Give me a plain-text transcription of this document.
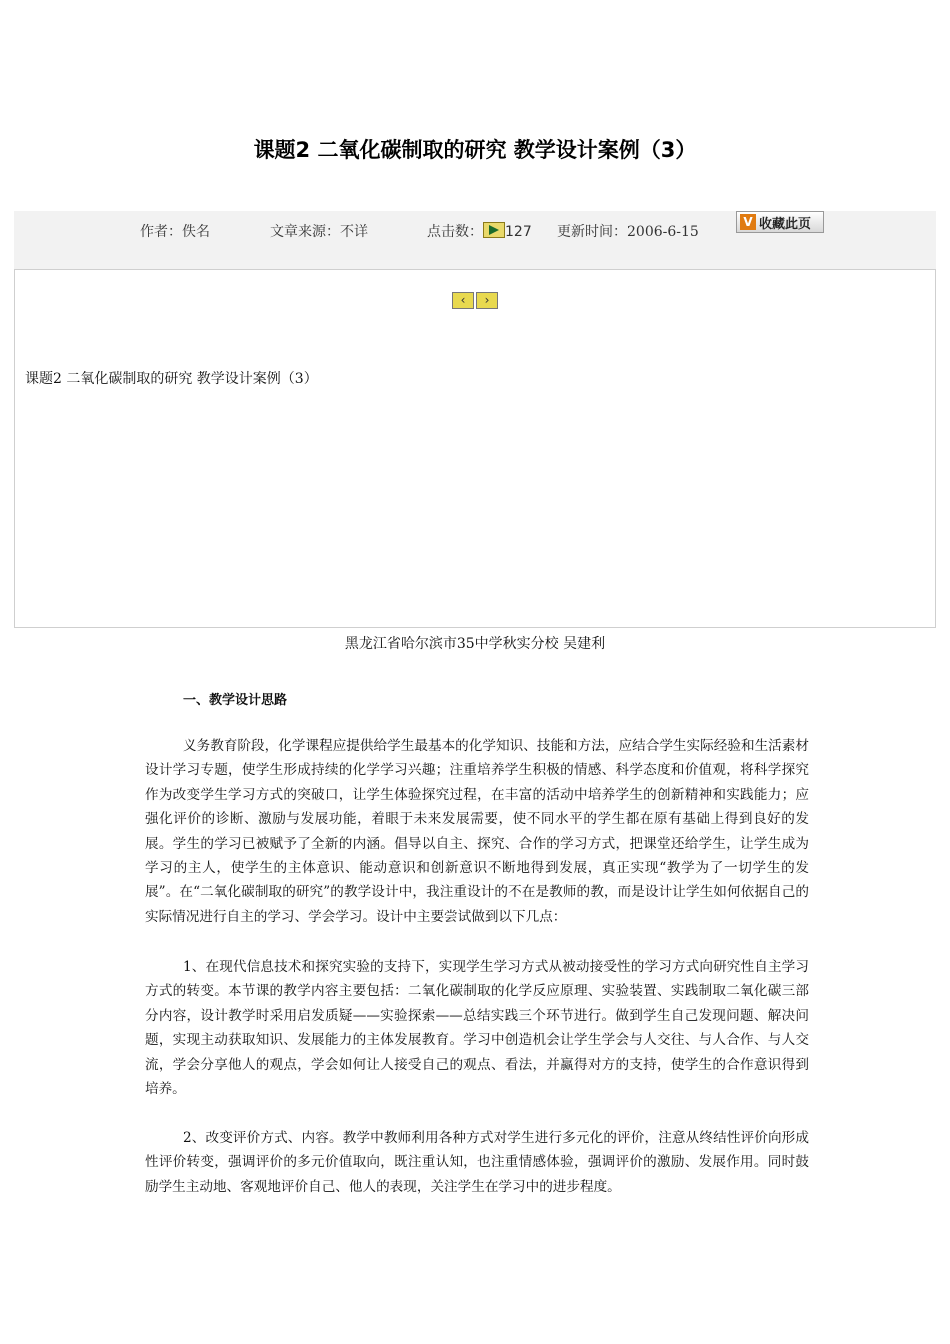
课题2 二氧化碳制取的研究 教学设计案例（3）
作者：佚名	文章来源：不详	点击数： 127 更新时间：2006-6-15
V 收藏此页
‹	›
课题2 二氧化碳制取的研究 教学设计案例（3）
黑龙江省哈尔滨市35中学秋实分校 吴建利
一、教学设计思路

义务教育阶段，化学课程应提供给学生最基本的化学知识、技能和方法，应结合学生实际经验和生活素材设计学习专题，使学生形成持续的化学学习兴趣；注重培养学生积极的情感、科学态度和价值观，将科学探究作为改变学生学习方式的突破口，让学生体验探究过程，在丰富的活动中培养学生的创新精神和实践能力；应强化评价的诊断、激励与发展功能，着眼于未来发展需要，使不同水平的学生都在原有基础上得到良好的发展。学生的学习已被赋予了全新的内涵。倡导以自主、探究、合作的学习方式，把课堂还给学生，让学生成为学习的主人，使学生的主体意识、能动意识和创新意识不断地得到发展，真正实现“教学为了一切学生的发展”。在“二氧化碳制取的研究”的教学设计中，我注重设计的不在是教师的教，而是设计让学生如何依据自己的实际情况进行自主的学习、学会学习。设计中主要尝试做到以下几点：

1、在现代信息技术和探究实验的支持下，实现学生学习方式从被动接受性的学习方式向研究性自主学习方式的转变。本节课的教学内容主要包括：二氧化碳制取的化学反应原理、实验装置、实践制取二氧化碳三部分内容，设计教学时采用启发质疑——实验探索——总结实践三个环节进行。做到学生自己发现问题、解决问题，实现主动获取知识、发展能力的主体发展教育。学习中创造机会让学生学会与人交往、与人合作、与人交流，学会分享他人的观点，学会如何让人接受自己的观点、看法，并赢得对方的支持，使学生的合作意识得到培养。

2、改变评价方式、内容。教学中教师利用各种方式对学生进行多元化的评价，注意从终结性评价向形成性评价转变，强调评价的多元价值取向，既注重认知，也注重情感体验，强调评价的激励、发展作用。同时鼓励学生主动地、客观地评价自己、他人的表现，关注学生在学习中的进步程度。
